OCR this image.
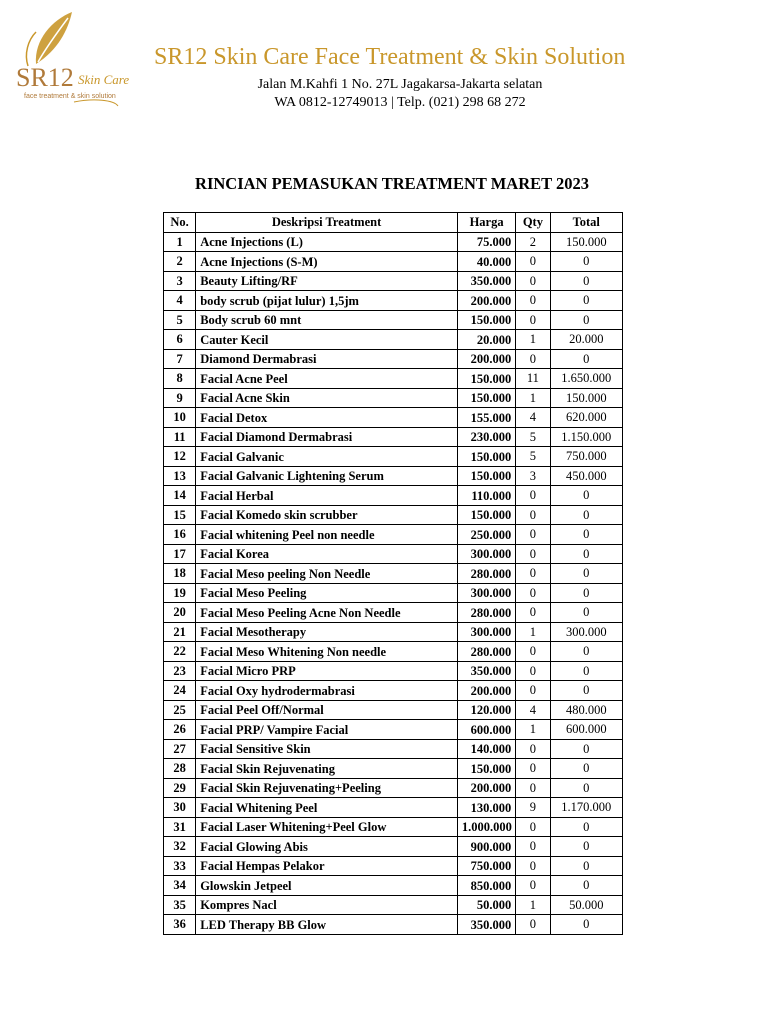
SR12 Skin Care
face treatment & skin solution
SR12 Skin Care Face Treatment & Skin Solution
Jalan M.Kahfi 1 No. 27L Jagakarsa-Jakarta selatan
WA 0812-12749013 | Telp. (021) 298 68 272
RINCIAN PEMASUKAN TREATMENT MARET 2023
No.	Deskripsi Treatment	Harga	Qty	Total
1	Acne Injections (L)	75.000	2	150.000
2	Acne Injections (S-M)	40.000	0	0
3	Beauty Lifting/RF	350.000	0	0
4	body scrub (pijat lulur) 1,5jm	200.000	0	0
5	Body scrub 60 mnt	150.000	0	0
6	Cauter Kecil	20.000	1	20.000
7	Diamond Dermabrasi	200.000	0	0
8	Facial Acne Peel	150.000	11	1.650.000
9	Facial Acne Skin	150.000	1	150.000
10	Facial Detox	155.000	4	620.000
11	Facial Diamond Dermabrasi	230.000	5	1.150.000
12	Facial Galvanic	150.000	5	750.000
13	Facial Galvanic Lightening Serum	150.000	3	450.000
14	Facial Herbal	110.000	0	0
15	Facial Komedo skin scrubber	150.000	0	0
16	Facial whitening Peel non needle	250.000	0	0
17	Facial Korea	300.000	0	0
18	Facial Meso peeling Non Needle	280.000	0	0
19	Facial Meso Peeling	300.000	0	0
20	Facial Meso Peeling Acne Non Needle	280.000	0	0
21	Facial Mesotherapy	300.000	1	300.000
22	Facial Meso Whitening Non needle	280.000	0	0
23	Facial Micro PRP	350.000	0	0
24	Facial Oxy hydrodermabrasi	200.000	0	0
25	Facial Peel Off/Normal	120.000	4	480.000
26	Facial PRP/ Vampire Facial	600.000	1	600.000
27	Facial Sensitive Skin	140.000	0	0
28	Facial Skin Rejuvenating	150.000	0	0
29	Facial Skin Rejuvenating+Peeling	200.000	0	0
30	Facial Whitening Peel	130.000	9	1.170.000
31	Facial Laser Whitening+Peel Glow	1.000.000	0	0
32	Facial Glowing Abis	900.000	0	0
33	Facial Hempas Pelakor	750.000	0	0
34	Glowskin Jetpeel	850.000	0	0
35	Kompres Nacl	50.000	1	50.000
36	LED Therapy BB Glow	350.000	0	0
